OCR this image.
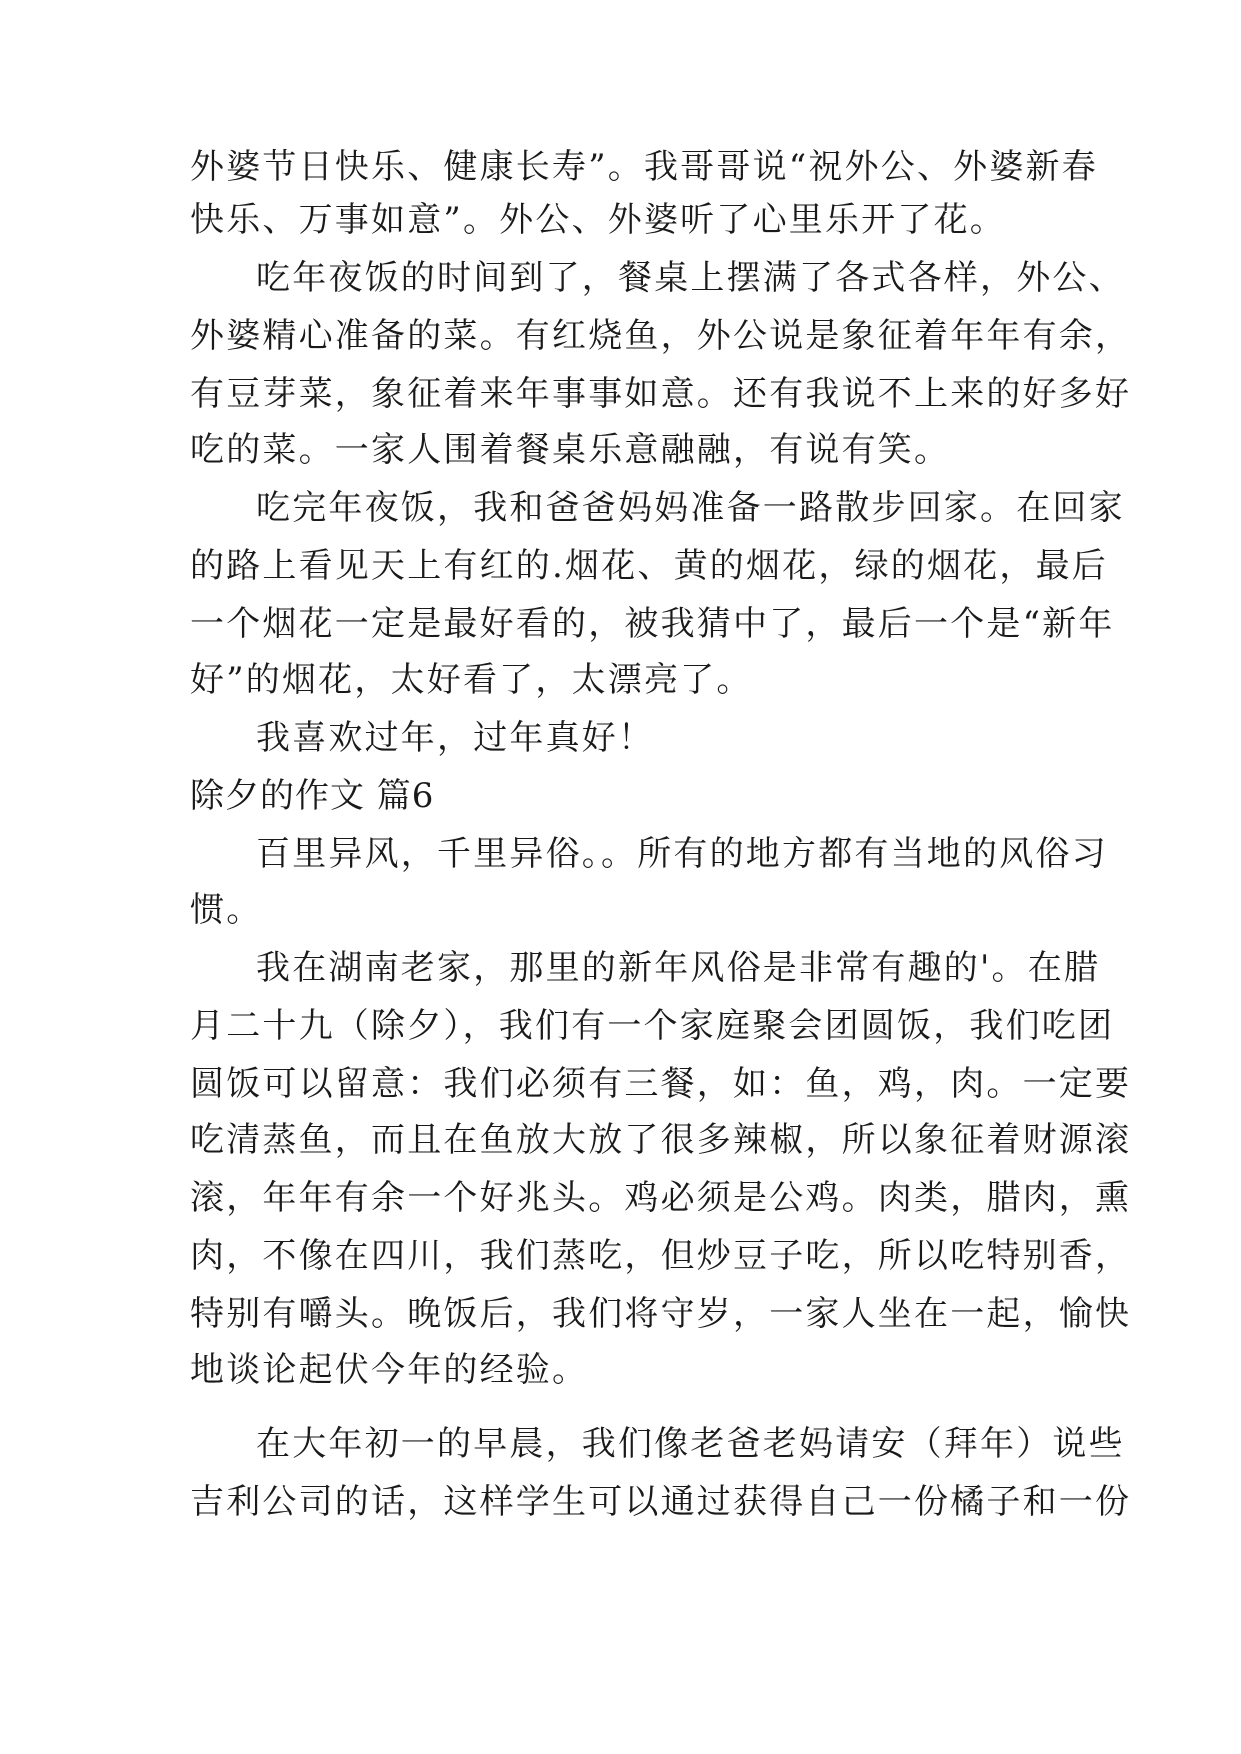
外婆节日快乐、健康长寿”。我哥哥说“祝外公、外婆新春
快乐、万事如意”。外公、外婆听了心里乐开了花。
吃年夜饭的时间到了，餐桌上摆满了各式各样，外公、
外婆精心准备的菜。有红烧鱼，外公说是象征着年年有余，
有豆芽菜，象征着来年事事如意。还有我说不上来的好多好
吃的菜。一家人围着餐桌乐意融融，有说有笑。
吃完年夜饭，我和爸爸妈妈准备一路散步回家。在回家
的路上看见天上有红的.烟花、黄的烟花，绿的烟花，最后
一个烟花一定是最好看的，被我猜中了，最后一个是“新年
好”的烟花，太好看了，太漂亮了。
我喜欢过年，过年真好！
除夕的作文 篇6
百里异风，千里异俗。。所有的地方都有当地的风俗习
惯。
我在湖南老家，那里的新年风俗是非常有趣的'。在腊
月二十九（除夕），我们有一个家庭聚会团圆饭，我们吃团
圆饭可以留意：我们必须有三餐，如：鱼，鸡，肉。一定要
吃清蒸鱼，而且在鱼放大放了很多辣椒，所以象征着财源滚
滚，年年有余一个好兆头。鸡必须是公鸡。肉类，腊肉，熏
肉，不像在四川，我们蒸吃，但炒豆子吃，所以吃特别香，
特别有嚼头。晚饭后，我们将守岁，一家人坐在一起，愉快
地谈论起伏今年的经验。
在大年初一的早晨，我们像老爸老妈请安（拜年）说些
吉利公司的话，这样学生可以通过获得自己一份橘子和一份
